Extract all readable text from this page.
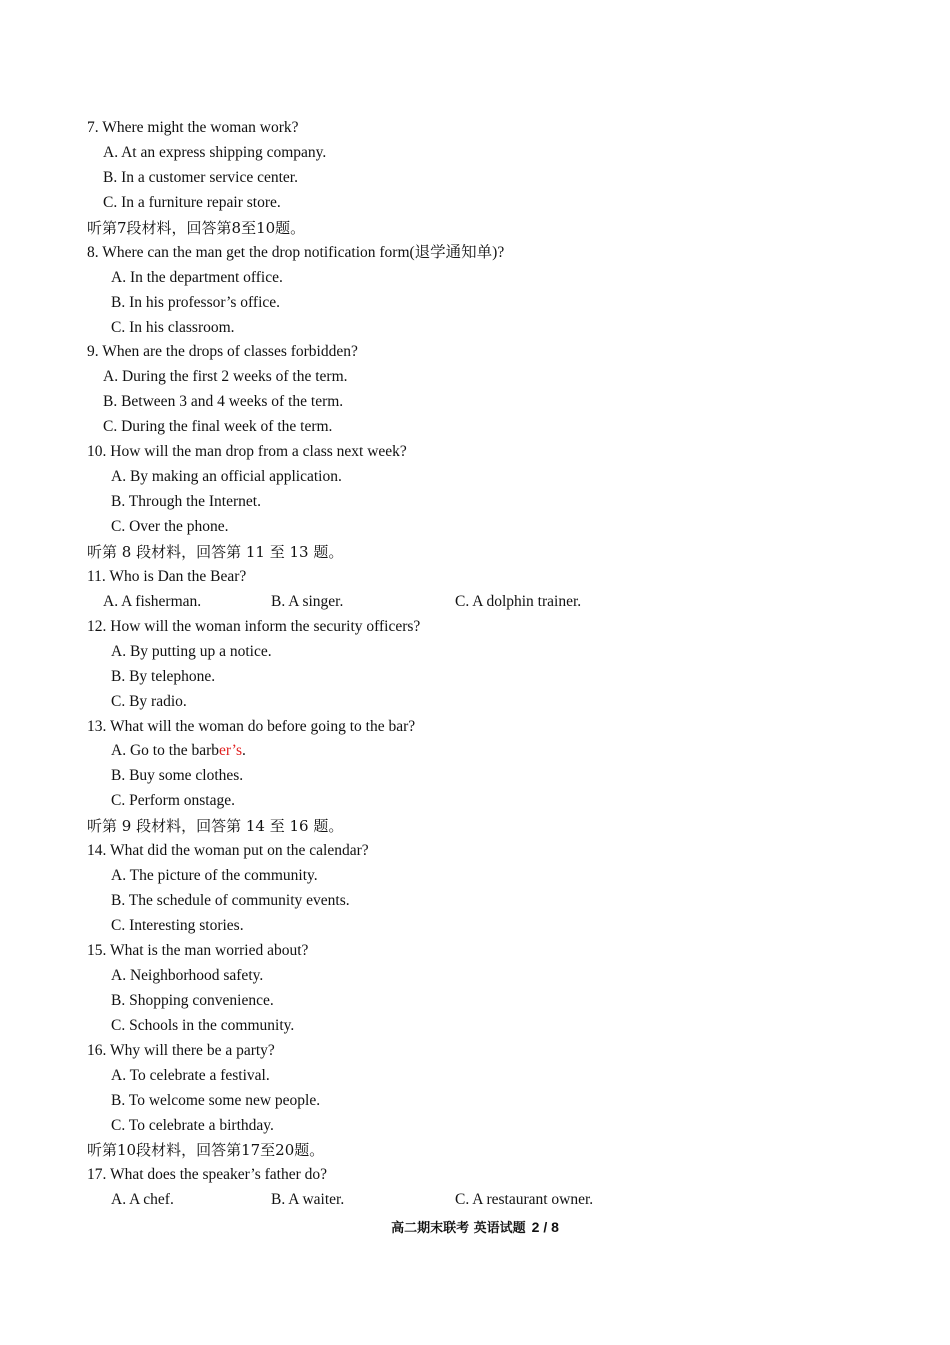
7. Where might the woman work?
A. At an express shipping company.
B. In a customer service center.
C. In a furniture repair store.
听第7段材料，回答第8至10题。
8. Where can the man get the drop notification form(退学通知单)?
A. In the department office.
B. In his professor’s office.
C. In his classroom.
9. When are the drops of classes forbidden?
A. During the first 2 weeks of the term.
B. Between 3 and 4 weeks of the term.
C. During the final week of the term.
10. How will the man drop from a class next week?
A. By making an official application.
B. Through the Internet.
C. Over the phone.
听第 8 段材料，回答第 11 至 13 题。
11. Who is Dan the Bear?
A. A fisherman.	B. A singer.	C. A dolphin trainer.
12. How will the woman inform the security officers?
A. By putting up a notice.
B. By telephone.
C. By radio.
13. What will the woman do before going to the bar?
A. Go to the barber’s.
B. Buy some clothes.
C. Perform onstage.
听第 9 段材料，回答第 14 至 16 题。
14. What did the woman put on the calendar?
A. The picture of the community.
B. The schedule of community events.
C. Interesting stories.
15. What is the man worried about?
A. Neighborhood safety.
B. Shopping convenience.
C. Schools in the community.
16. Why will there be a party?
A. To celebrate a festival.
B. To welcome some new people.
C. To celebrate a birthday.
听第10段材料，回答第17至20题。
17. What does the speaker’s father do?
A. A chef.	B. A waiter.	C. A restaurant owner.
高二期末联考 英语试题 2 / 8
